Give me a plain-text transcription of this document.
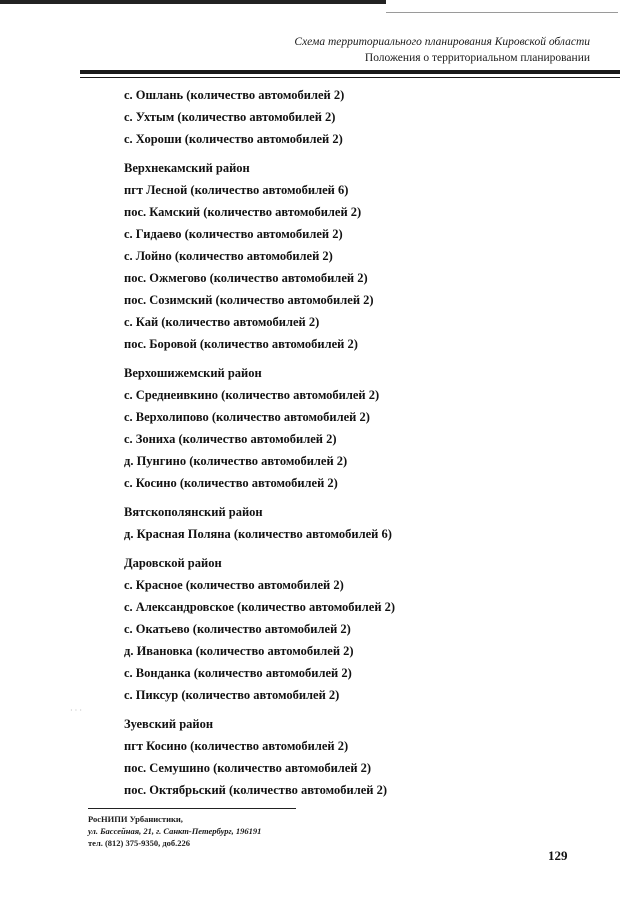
Схема территориального планирования Кировской области
Положения о территориальном планировании
с. Ошлань (количество автомобилей 2)
с. Ухтым (количество автомобилей 2)
с. Хороши (количество автомобилей 2)
Верхнекамский район
пгт Лесной (количество автомобилей 6)
пос. Камский (количество автомобилей 2)
с. Гидаево (количество автомобилей 2)
с. Лойно (количество автомобилей 2)
пос. Ожмегово (количество автомобилей 2)
пос. Созимский (количество автомобилей 2)
с. Кай (количество автомобилей 2)
пос. Боровой (количество автомобилей 2)
Верхошижемский район
с. Среднеивкино (количество автомобилей 2)
с. Верхолипово (количество автомобилей 2)
с. Зониха (количество автомобилей 2)
д. Пунгино (количество автомобилей 2)
с. Косино (количество автомобилей 2)
Вятскополянский район
д. Красная Поляна (количество автомобилей 6)
Даровской район
с. Красное (количество автомобилей 2)
с. Александровское (количество автомобилей 2)
с. Окатьево (количество автомобилей 2)
д. Ивановка (количество автомобилей 2)
с. Вонданка (количество автомобилей 2)
с. Пиксур (количество автомобилей 2)
Зуевский район
пгт Косино (количество автомобилей 2)
пос. Семушино (количество автомобилей 2)
пос. Октябрьский (количество автомобилей 2)
· · ·
РосНИПИ Урбанистики,
ул. Бассейная, 21, г. Санкт-Петербург, 196191
тел. (812) 375-9350, доб.226
129
